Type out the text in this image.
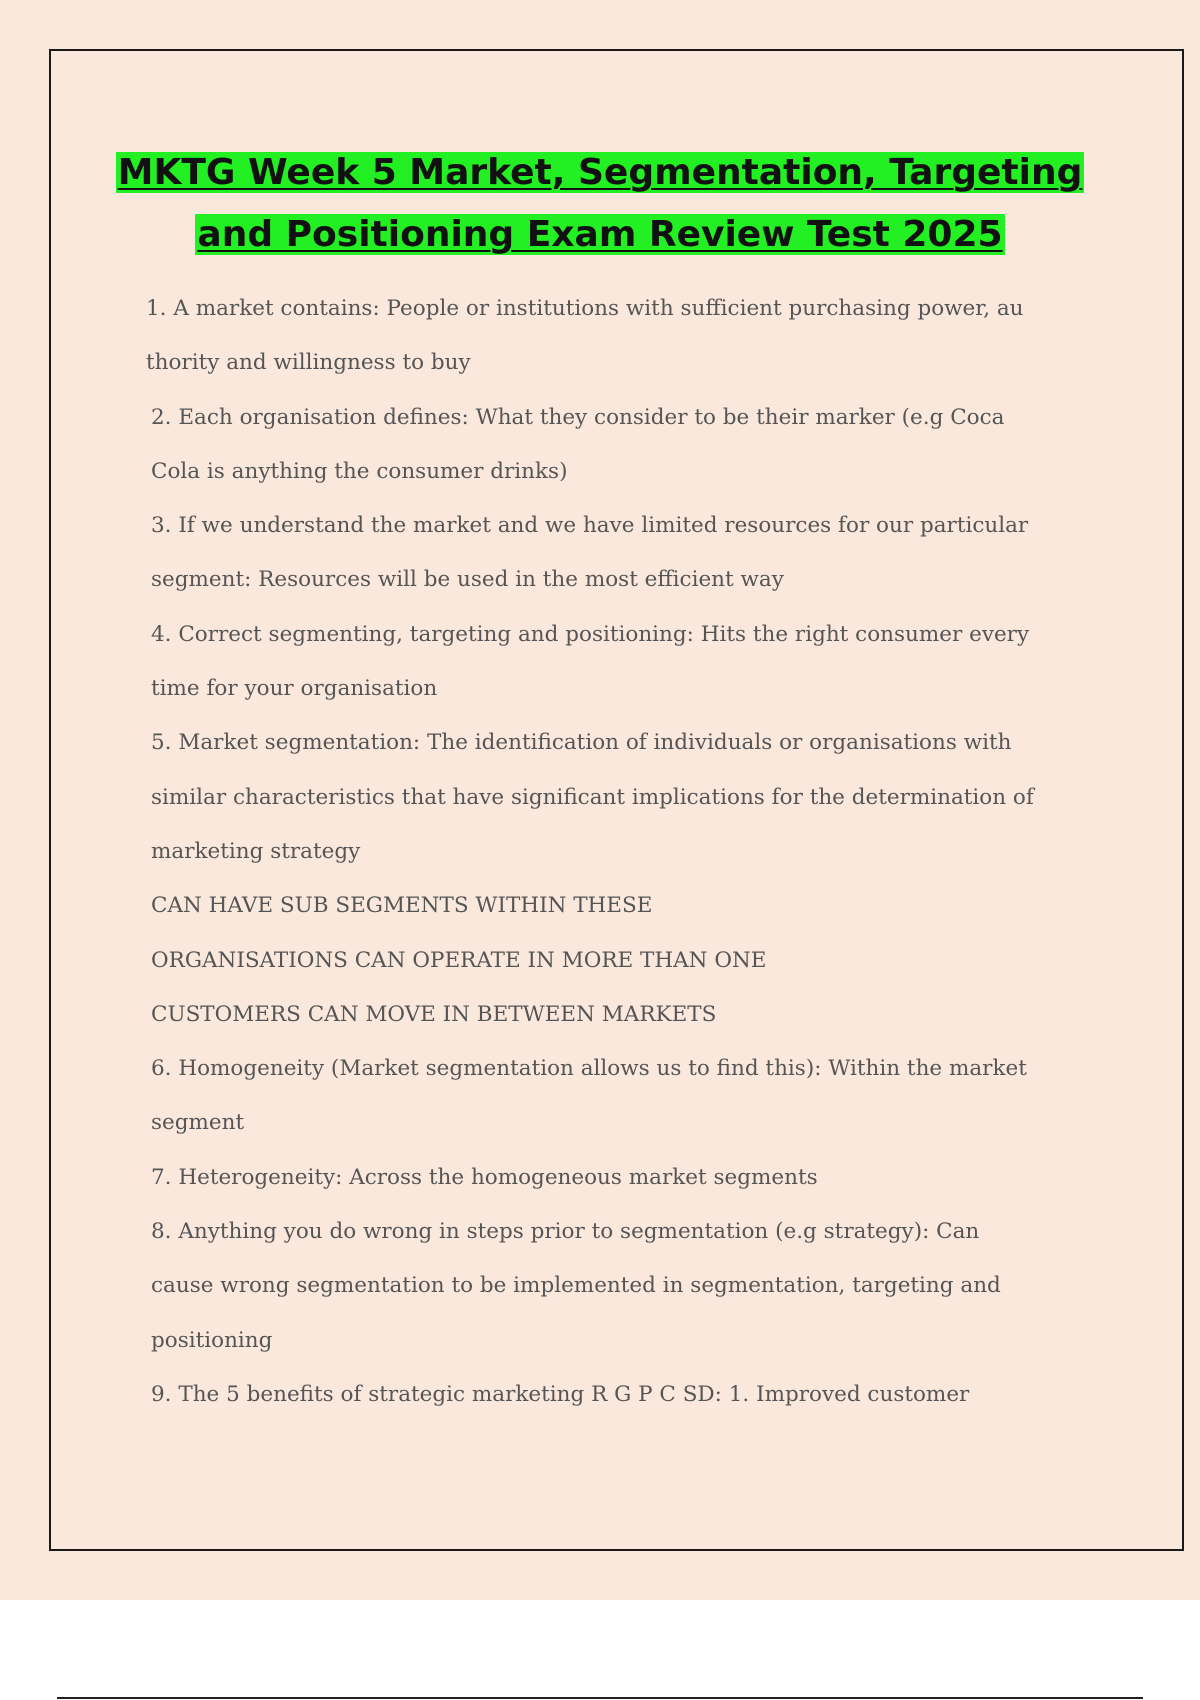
MKTG Week 5 Market, Segmentation, Targeting
and Positioning Exam Review Test 2025

1. A market contains: People or institutions with sufficient purchasing power, au thority and willingness to buy

2. Each organisation defines: What they consider to be their marker (e.g Coca Cola is anything the consumer drinks)

3. If we understand the market and we have limited resources for our particular segment: Resources will be used in the most efficient way

4. Correct segmenting, targeting and positioning: Hits the right consumer every time for your organisation

5. Market segmentation: The identification of individuals or organisations with similar characteristics that have significant implications for the determination of marketing strategy

CAN HAVE SUB SEGMENTS WITHIN THESE

ORGANISATIONS CAN OPERATE IN MORE THAN ONE

CUSTOMERS CAN MOVE IN BETWEEN MARKETS

6. Homogeneity (Market segmentation allows us to find this): Within the market segment

7. Heterogeneity: Across the homogeneous market segments

8. Anything you do wrong in steps prior to segmentation (e.g strategy): Can cause wrong segmentation to be implemented in segmentation, targeting and positioning

9. The 5 benefits of strategic marketing R G P C SD: 1. Improved customer
